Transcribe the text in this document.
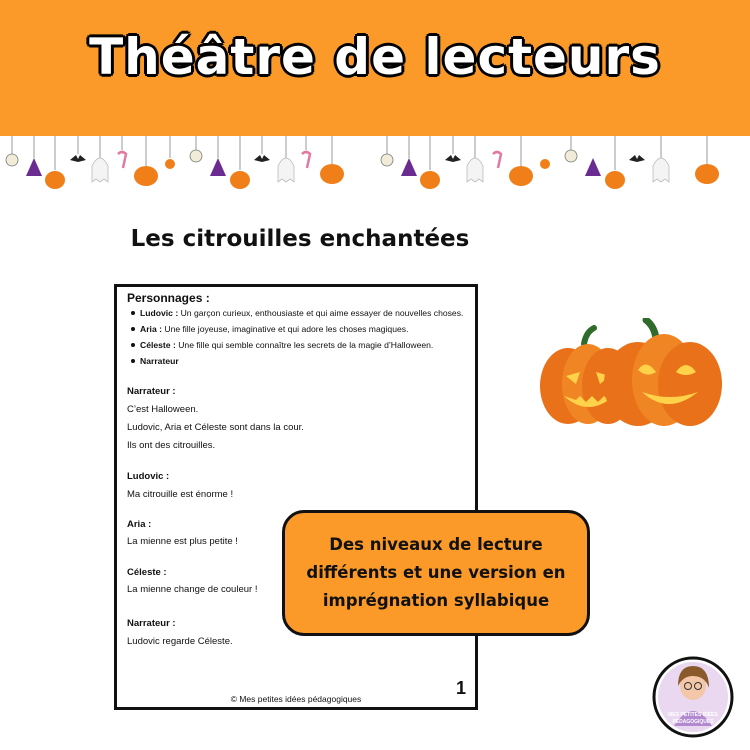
Théâtre de lecteurs
Les citrouilles enchantées
Personnages :
Ludovic : Un garçon curieux, enthousiaste et qui aime essayer de nouvelles choses.
Aria : Une fille joyeuse, imaginative et qui adore les choses magiques.
Céleste : Une fille qui semble connaître les secrets de la magie d’Halloween.
Narrateur
Narrateur :
C’est Halloween.
Ludovic, Aria et Céleste sont dans la cour.
Ils ont des citrouilles.
Ludovic :
Ma citrouille est énorme !
Aria :
La mienne est plus petite !
Céleste :
La mienne change de couleur !
Narrateur :
Ludovic regarde Céleste.
1
© Mes petites idées pédagogiques
Des niveaux de lecture
différents et une version en
imprégnation syllabique
MES PETITES IDÉES
PÉDAGOGIQUES
